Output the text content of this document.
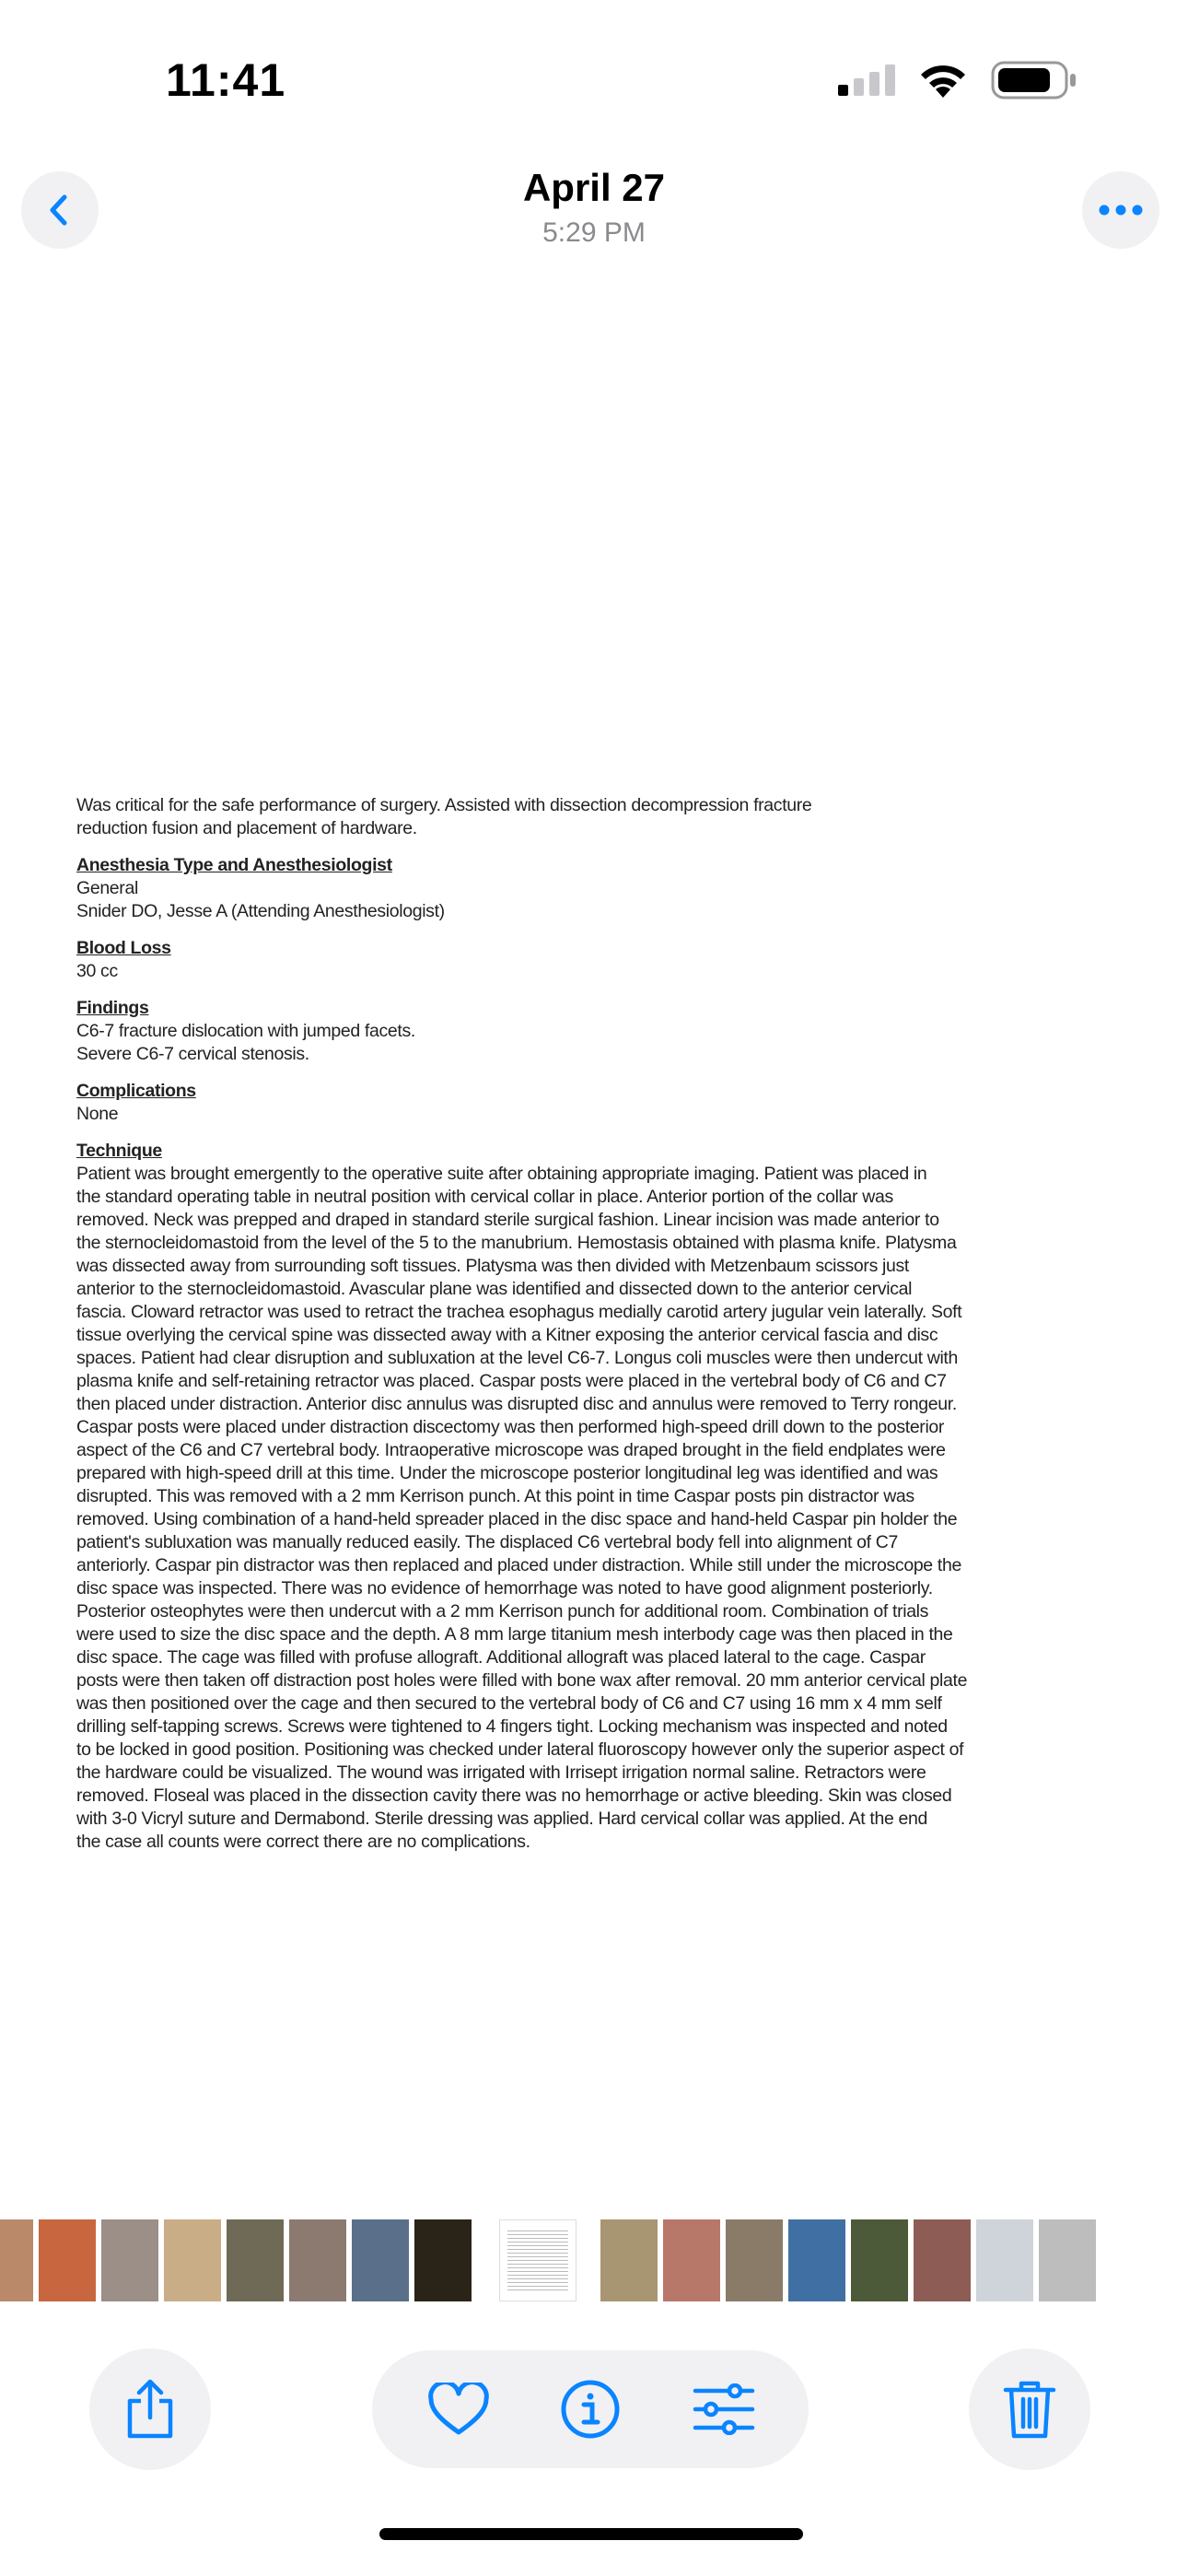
11:41
April 27
5:29 PM
Was critical for the safe performance of surgery. Assisted with dissection decompression fracture
reduction fusion and placement of hardware.
Anesthesia Type and Anesthesiologist
General
Snider DO, Jesse A (Attending Anesthesiologist)
Blood Loss
30 cc
Findings
C6-7 fracture dislocation with jumped facets.
Severe C6-7 cervical stenosis.
Complications
None
Technique
Patient was brought emergently to the operative suite after obtaining appropriate imaging. Patient was placed in
the standard operating table in neutral position with cervical collar in place. Anterior portion of the collar was
removed. Neck was prepped and draped in standard sterile surgical fashion. Linear incision was made anterior to
the sternocleidomastoid from the level of the 5 to the manubrium. Hemostasis obtained with plasma knife. Platysma
was dissected away from surrounding soft tissues. Platysma was then divided with Metzenbaum scissors just
anterior to the sternocleidomastoid. Avascular plane was identified and dissected down to the anterior cervical
fascia. Cloward retractor was used to retract the trachea esophagus medially carotid artery jugular vein laterally. Soft
tissue overlying the cervical spine was dissected away with a Kitner exposing the anterior cervical fascia and disc
spaces. Patient had clear disruption and subluxation at the level C6-7. Longus coli muscles were then undercut with
plasma knife and self-retaining retractor was placed. Caspar posts were placed in the vertebral body of C6 and C7
then placed under distraction. Anterior disc annulus was disrupted disc and annulus were removed to Terry rongeur.
Caspar posts were placed under distraction discectomy was then performed high-speed drill down to the posterior
aspect of the C6 and C7 vertebral body. Intraoperative microscope was draped brought in the field endplates were
prepared with high-speed drill at this time. Under the microscope posterior longitudinal leg was identified and was
disrupted. This was removed with a 2 mm Kerrison punch. At this point in time Caspar posts pin distractor was
removed. Using combination of a hand-held spreader placed in the disc space and hand-held Caspar pin holder the
patient's subluxation was manually reduced easily. The displaced C6 vertebral body fell into alignment of C7
anteriorly. Caspar pin distractor was then replaced and placed under distraction. While still under the microscope the
disc space was inspected. There was no evidence of hemorrhage was noted to have good alignment posteriorly.
Posterior osteophytes were then undercut with a 2 mm Kerrison punch for additional room. Combination of trials
were used to size the disc space and the depth. A 8 mm large titanium mesh interbody cage was then placed in the
disc space. The cage was filled with profuse allograft. Additional allograft was placed lateral to the cage. Caspar
posts were then taken off distraction post holes were filled with bone wax after removal. 20 mm anterior cervical plate
was then positioned over the cage and then secured to the vertebral body of C6 and C7 using 16 mm x 4 mm self
drilling self-tapping screws. Screws were tightened to 4 fingers tight. Locking mechanism was inspected and noted
to be locked in good position. Positioning was checked under lateral fluoroscopy however only the superior aspect of
the hardware could be visualized. The wound was irrigated with Irrisept irrigation normal saline. Retractors were
removed. Floseal was placed in the dissection cavity there was no hemorrhage or active bleeding. Skin was closed
with 3-0 Vicryl suture and Dermabond. Sterile dressing was applied. Hard cervical collar was applied. At the end
the case all counts were correct there are no complications.
